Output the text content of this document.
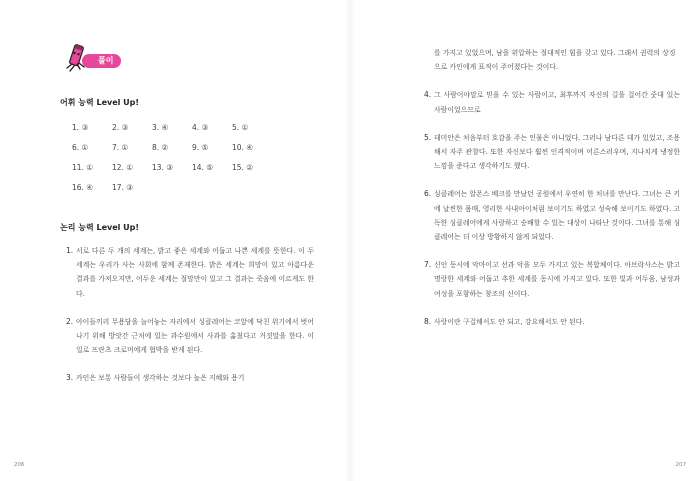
풀이
어휘 능력 Level Up!
1. ③	2. ③	3. ④	4. ③	5. ①
6. ①	7. ①	8. ②	9. ⑤	10. ④
11. ①	12. ①	13. ③	14. ⑤	15. ②
16. ④	17. ③
논리 능력 Level Up!
1. 서로 다른 두 개의 세계는, 밝고 좋은 세계와 어둡고 나쁜 세계를 뜻한다. 이 두 세계는 우리가 사는 사회에 함께 존재한다. 밝은 세계는 희망이 있고 아름다운 결과를 가져오지만, 어두운 세계는 절망만이 있고 그 결과는 죽음에 이르게도 한다.
2. 아이들끼리 무용담을 늘어놓는 자리에서 싱클레어는 코앞에 닥친 위기에서 벗어나기 위해 방앗간 근처에 있는 과수원에서 사과를 훔쳤다고 거짓말을 한다. 이 일로 프란츠 크로머에게 협박을 받게 된다.
3. 카인은 보통 사람들이 생각하는 것보다 높은 지혜와 용기
206	207
를 가지고 있었으며, 남을 위압하는 절대적인 힘을 갖고 있다. 그래서 권력의 상징으로 카인에게 표적이 주어졌다는 것이다.
4. 그 사람이야말로 믿을 수 있는 사람이고, 최후까지 자신의 길을 걸어간 줏대 있는 사람이었으므로
5. 데미안은 처음부터 호감을 주는 인물은 아니었다. 그러나 남다른 데가 있었고, 조용해서 자주 관찰다. 또한 자신보다 훨씬 인격적이며 어른스러우며, 지나치게 냉정한 느낌을 준다고 생각하기도 했다.
6. 싱클레어는 알폰스 베크를 만났던 공원에서 우연히 한 처녀를 만난다. 그녀는 큰 키에 날씬한 몸매, 영리한 사내아이처럼 보이기도 하였고 성숙해 보이기도 하였다. 고독한 싱클레어에게 사랑하고 숭배할 수 있는 대상이 나타난 것이다. 그녀를 통해 싱클레어는 더 이상 방황하지 않게 되었다.
7. 신인 동시에 악마이고 선과 악을 모두 가지고 있는 복합체이다. 아브락사스는 밝고 명랑한 세계와 어둡고 추한 세계를 동시에 가지고 있다. 또한 빛과 어두움, 남성과 여성을 포함하는 창조의 신이다.
8. 사랑이란 구걸해서도 안 되고, 강요해서도 안 된다.
